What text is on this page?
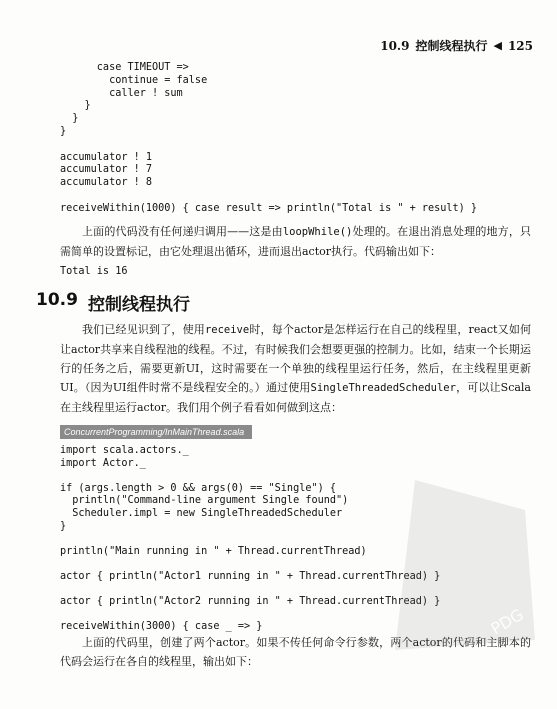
10.9 控制线程执行 ◀ 125
case TIMEOUT =>
continue = false
caller ! sum
}
}
}

accumulator ! 1
accumulator ! 7
accumulator ! 8

receiveWithin(1000) { case result => println("Total is " + result) }
上面的代码没有任何递归调用——这是由loopWhile()处理的。在退出消息处理的地方，只需简单的设置标记，由它处理退出循环，进而退出actor执行。代码输出如下：
Total is 16
10.9 控制线程执行
我们已经见识到了，使用receive时，每个actor是怎样运行在自己的线程里，react又如何让actor共享来自线程池的线程。不过，有时候我们会想要更强的控制力。比如，结束一个长期运行的任务之后，需要更新UI，这时需要在一个单独的线程里运行任务，然后，在主线程里更新UI。（因为UI组件时常不是线程安全的。）通过使用SingleThreadedScheduler，可以让Scala在主线程里运行actor。我们用个例子看看如何做到这点：
ConcurrentProgramming/InMainThread.scala
import scala.actors._
import Actor._

if (args.length > 0 && args(0) == "Single") {
println("Command-line argument Single found")
Scheduler.impl = new SingleThreadedScheduler
}

println("Main running in " + Thread.currentThread)

actor { println("Actor1 running in " + Thread.currentThread) }

actor { println("Actor2 running in " + Thread.currentThread) }

receiveWithin(3000) { case _ => }
上面的代码里，创建了两个actor。如果不传任何命令行参数，两个actor的代码和主脚本的代码会运行在各自的线程里，输出如下：
PDG
